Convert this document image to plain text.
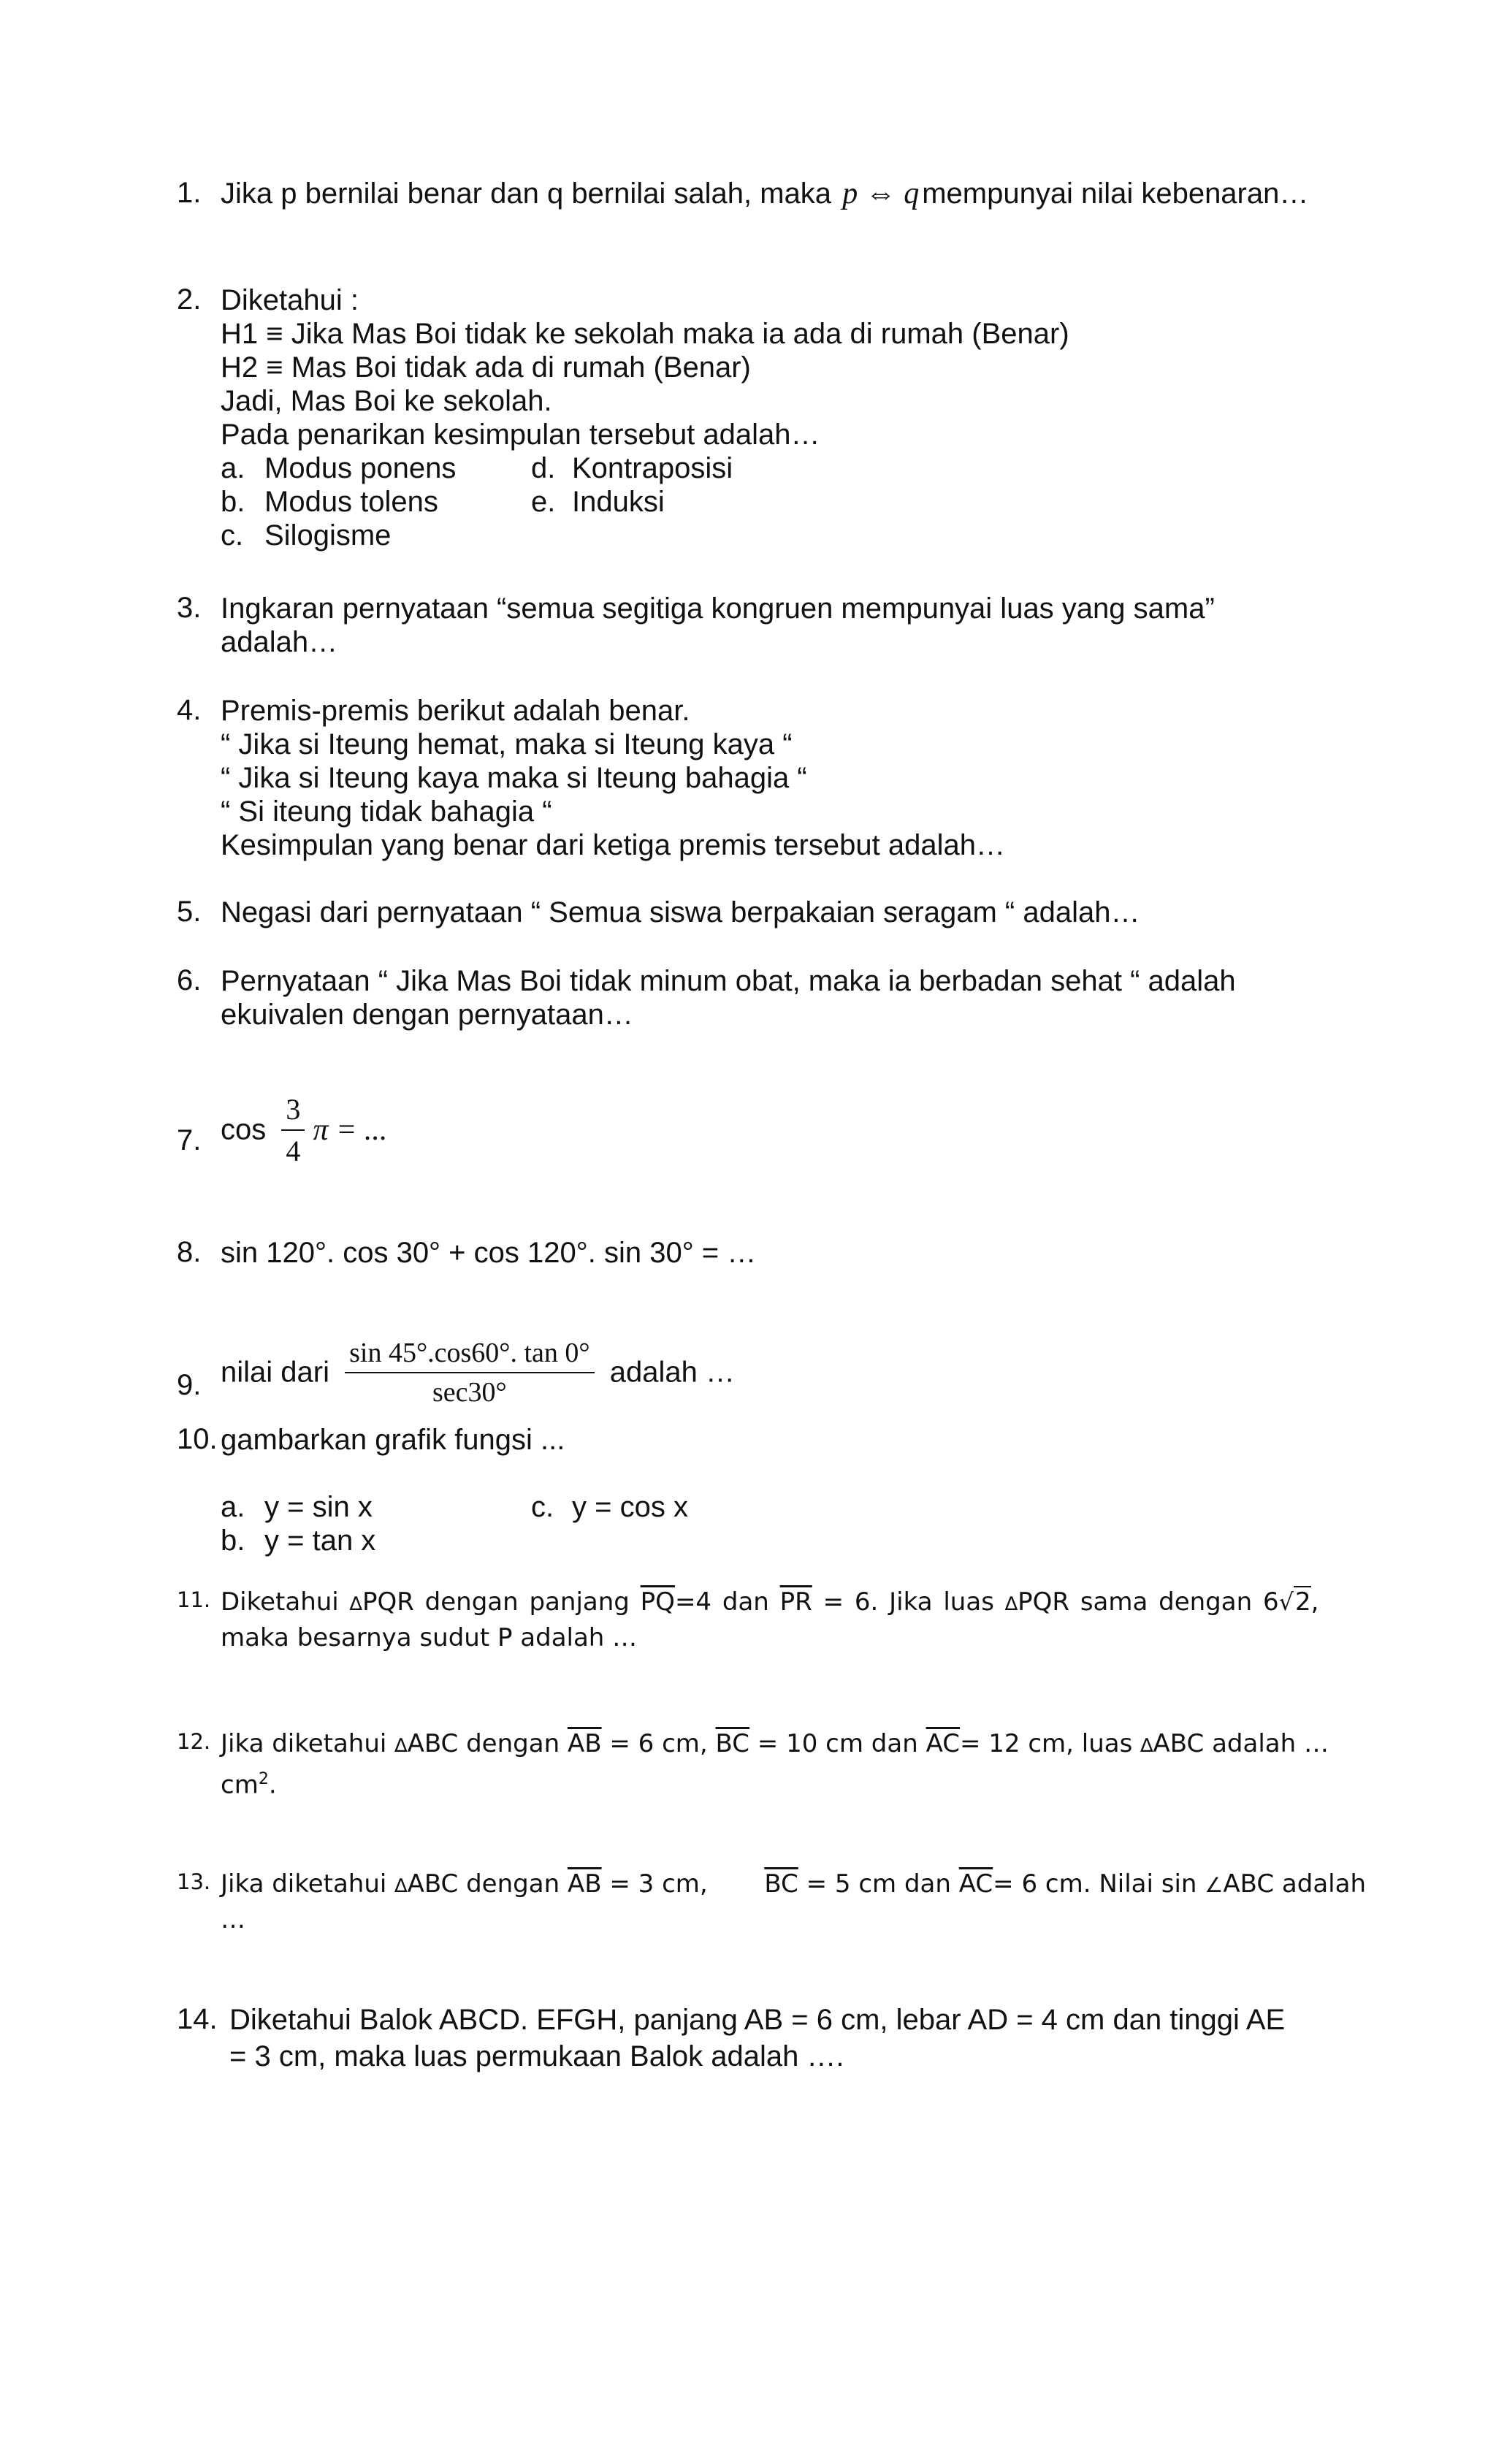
1. Jika p bernilai benar dan q bernilai salah, maka p ⇔ q mempunyai nilai kebenaran…
2. Diketahui :
H1 ≡ Jika Mas Boi tidak ke sekolah maka ia ada di rumah (Benar)
H2 ≡ Mas Boi tidak ada di rumah (Benar)
Jadi, Mas Boi ke sekolah.
Pada penarikan kesimpulan tersebut adalah…
a. Modus ponens	d. Kontraposisi
b. Modus tolens	e. Induksi
c. Silogisme
3. Ingkaran pernyataan “semua segitiga kongruen mempunyai luas yang sama”
adalah…
4. Premis-premis berikut adalah benar.
“ Jika si Iteung hemat, maka si Iteung kaya “
“ Jika si Iteung kaya maka si Iteung bahagia “
“ Si iteung tidak bahagia “
Kesimpulan yang benar dari ketiga premis tersebut adalah…
5. Negasi dari pernyataan “ Semua siswa berpakaian seragam “ adalah…
6. Pernyataan “ Jika Mas Boi tidak minum obat, maka ia berbadan sehat “ adalah
ekuivalen dengan pernyataan…
7. $\cos \frac{3}{4}$ π = ...
8. sin 120°. cos 30° + cos 120°. sin 30° = …
9. nilai dari $\frac{\sin 45^\circ.\cos 60^\circ. \tan 0^\circ}{\sec 30^\circ}$ adalah …
10. gambarkan grafik fungsi ...
a. y = sin x	c. y = cos x
b. y = tan x
11. Diketahui ∆PQR dengan panjang $\overline{PQ}=4$ dan $\overline{PR} = 6$. Jika luas ∆PQR sama dengan 6√2,
maka besarnya sudut P adalah …
12. Jika diketahui ∆ABC dengan $\overline{AB} = 6$ cm, $\overline{BC} = 10$ cm dan $\overline{AC}= 12$ cm, luas ∆ABC adalah …
$cm^2$.
13. Jika diketahui ∆ABC dengan $\overline{AB} = 3$ cm, $\overline{BC} = 5$ cm dan $\overline{AC}= 6$ cm. Nilai sin ∠ABC adalah
…
14. Diketahui Balok ABCD. EFGH, panjang AB = 6 cm, lebar AD = 4 cm dan tinggi AE
= 3 cm, maka luas permukaan Balok adalah ….
